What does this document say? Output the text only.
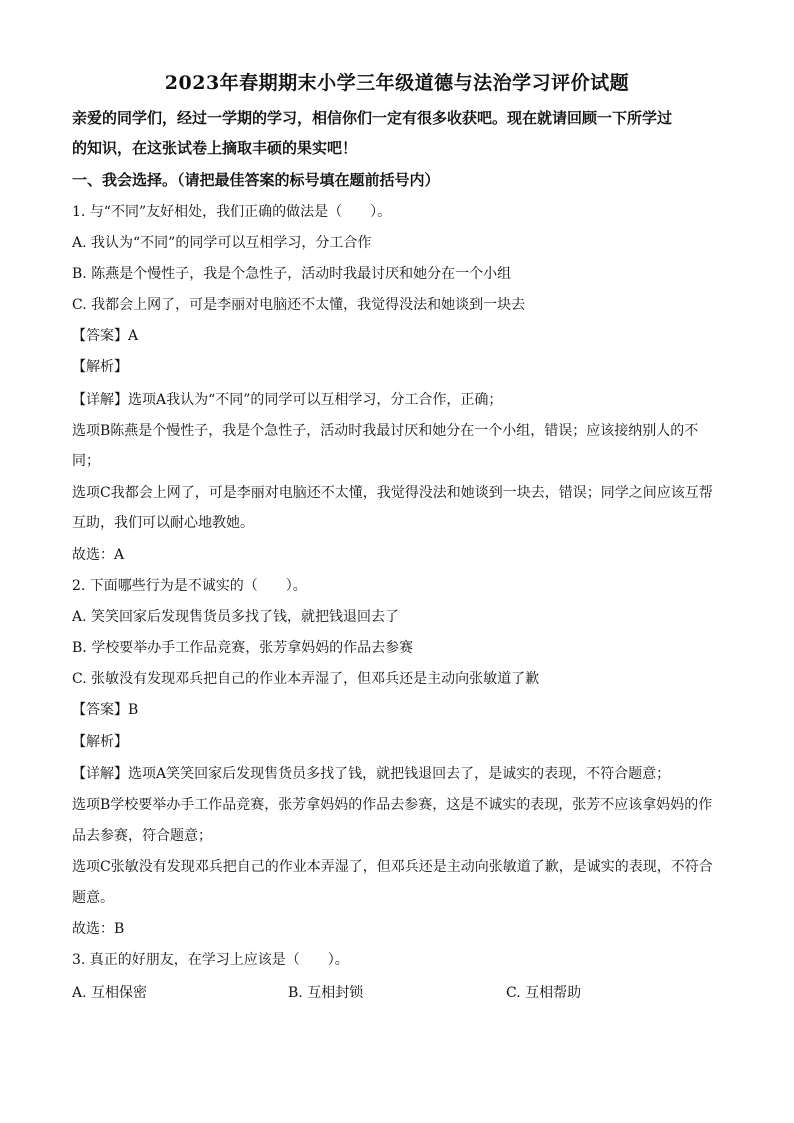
2023年春期期末小学三年级道德与法治学习评价试题
亲爱的同学们，经过一学期的学习，相信你们一定有很多收获吧。现在就请回顾一下所学过
的知识，在这张试卷上摘取丰硕的果实吧！
一、我会选择。（请把最佳答案的标号填在题前括号内）
1. 与“不同”友好相处，我们正确的做法是（　　）。
A. 我认为“不同”的同学可以互相学习，分工合作
B. 陈燕是个慢性子，我是个急性子，活动时我最讨厌和她分在一个小组
C. 我都会上网了，可是李丽对电脑还不太懂，我觉得没法和她谈到一块去
【答案】A
【解析】
【详解】选项A我认为“不同”的同学可以互相学习，分工合作，正确；
选项B陈燕是个慢性子，我是个急性子，活动时我最讨厌和她分在一个小组，错误；应该接纳别人的不
同；
选项C我都会上网了，可是李丽对电脑还不太懂，我觉得没法和她谈到一块去，错误；同学之间应该互帮
互助，我们可以耐心地教她。
故选：A
2. 下面哪些行为是不诚实的（　　）。
A. 笑笑回家后发现售货员多找了钱，就把钱退回去了
B. 学校要举办手工作品竞赛，张芳拿妈妈的作品去参赛
C. 张敏没有发现邓兵把自己的作业本弄湿了，但邓兵还是主动向张敏道了歉
【答案】B
【解析】
【详解】选项A笑笑回家后发现售货员多找了钱，就把钱退回去了，是诚实的表现，不符合题意；
选项B学校要举办手工作品竞赛，张芳拿妈妈的作品去参赛，这是不诚实的表现，张芳不应该拿妈妈的作
品去参赛，符合题意；
选项C张敏没有发现邓兵把自己的作业本弄湿了，但邓兵还是主动向张敏道了歉，是诚实的表现，不符合
题意。
故选：B
3. 真正的好朋友，在学习上应该是（　　）。
A. 互相保密	B. 互相封锁	C. 互相帮助
